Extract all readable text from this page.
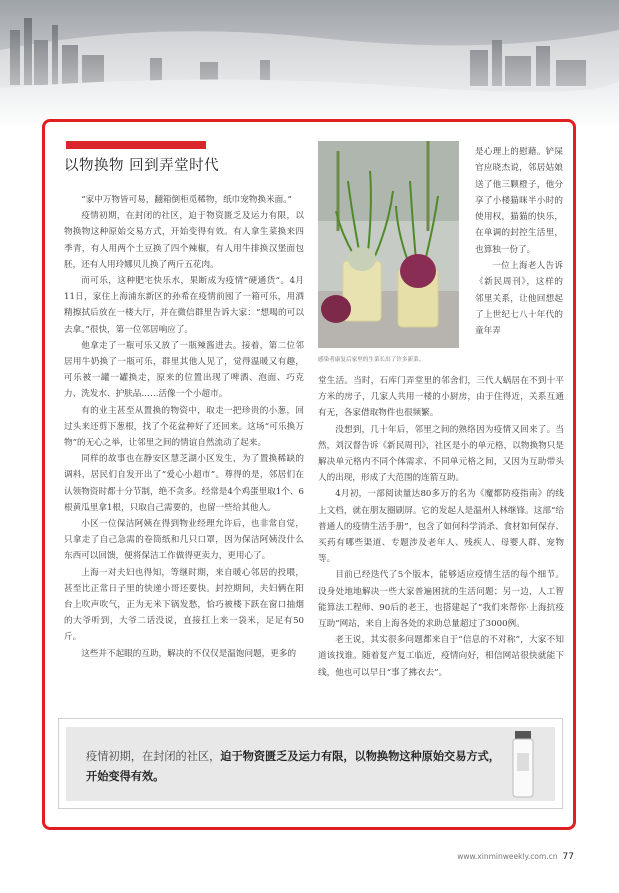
以物换物 回到弄堂时代

“家中万物皆可易，翻箱倒柜觅稀物，纸巾宠物换米面。”

疫情初期，在封闭的社区，迫于物资匮乏及运力有限，以物换物这种原始交易方式，开始变得有效。有人拿生菜换来四季青，有人用两个土豆换了四个辣椒，有人用牛排换汉堡面包胚，还有人用玲娜贝儿换了两斤五花肉。

而可乐，这种肥宅快乐水，果断成为疫情“硬通货”。4月11日，家住上海浦东新区的孙希在疫情前囤了一箱可乐，用酒精擦拭后放在一楼大厅，并在微信群里告诉大家：“想喝的可以去拿。”很快，第一位邻居响应了。

他拿走了一瓶可乐又放了一瓶辣酱进去。接着，第二位邻居用牛奶换了一瓶可乐，群里其他人见了，觉得温暖又有趣，可乐被一罐一罐换走，原来的位置出现了啤酒、泡面、巧克力、洗发水、护肤品……活像一个小超市。

有的业主甚至从置换的物资中，取走一把珍贵的小葱，回过头来还剪下葱根，找了个花盆种好了还回来。这场“可乐换万物”的无心之举，让邻里之间的情谊自然流动了起来。

同样的故事也在静安区慧芝湖小区发生，为了置换稀缺的调料，居民们自发开出了“爱心小超市”。尊得的是，邻居们在认领物资时都十分节制，绝不贪多。经常是4个鸡蛋里取1个、6根黄瓜里拿1根，只取自己需要的，也留一些给其他人。

小区一位保洁阿姨在得到物业经理允许后，也非常自觉，只拿走了自己急需的卷筒纸和几只口罩，因为保洁阿姨没什么东西可以回馈，便将保洁工作做得更卖力，更用心了。

上海一对夫妇也得知，等继时期，来自暖心邻居的投喂，甚至比正常日子里的快递小哥还要快。封控期间，夫妇俩在阳台上吹声吹气，正为无米下锅发愁，恰巧被楼下跃在窗口抽烟的大爷听到，大爷二话没说，直接扛上来一袋米，足足有50斤。

这些并不起眼的互助，解决的不仅仅是温饱问题，更多的

感染者康复后家里的生菜长出了许多新菜。

是心理上的慰藉。铲屎官应晓杰说，邻居姑娘送了他三颗橙子，他分享了小楼猫咪半小时的使用权，猫猫的快乐，在单调的封控生活里，也算独一份了。

一位上海老人告诉《新民周刊》，这样的邻里关系，让他回想起了上世纪七八十年代的童年弄

堂生活。当时，石库门弄堂里的邻舍们，三代人蜗居在不到十平方米的房子，几家人共用一楼的小厨房，由于住得近，关系互通有无，各家借取物件也很频繁。

没想到，几十年后，邻里之间的熟络因为疫情又回来了。当然，刘汉督告诉《新民周刊》，社区是小的单元格，以物换物只是解决单元格内不同个体需求、不同单元格之间，又因为互助带头人的出现，形成了大范围的连箭互助。

4月初，一部阅读量达80多万的名为《魔都防疫指南》的线上文档，就在朋友圈刷屏。它的发起人是温州人林继锋。这部“给普通人的疫情生活手册”，包含了如何科学消杀、食材如何保存、买药有哪些渠道、专题涉及老年人、残疾人、母婴人群、宠物等。

目前已经迭代了5个版本，能够适应疫情生活的每个细节。设身处地地解决一些大家普遍困扰的生活问题；另一边，人工智能算法工程师、90后的老王，也搭建起了“我们来帮你·上海抗疫互助”网站，来自上海各处的求助总量超过了3000例。

老王说，其实很多问题都来自于“信息的不对称”，大家不知道该找谁。随着复产复工临近，疫情向好，相信网站很快就能下线，他也可以早日“事了拂衣去”。

疫情初期，在封闭的社区，迫于物资匮乏及运力有限，以物换物这种原始交易方式，开始变得有效。
www.xinminweekly.com.cn 77
